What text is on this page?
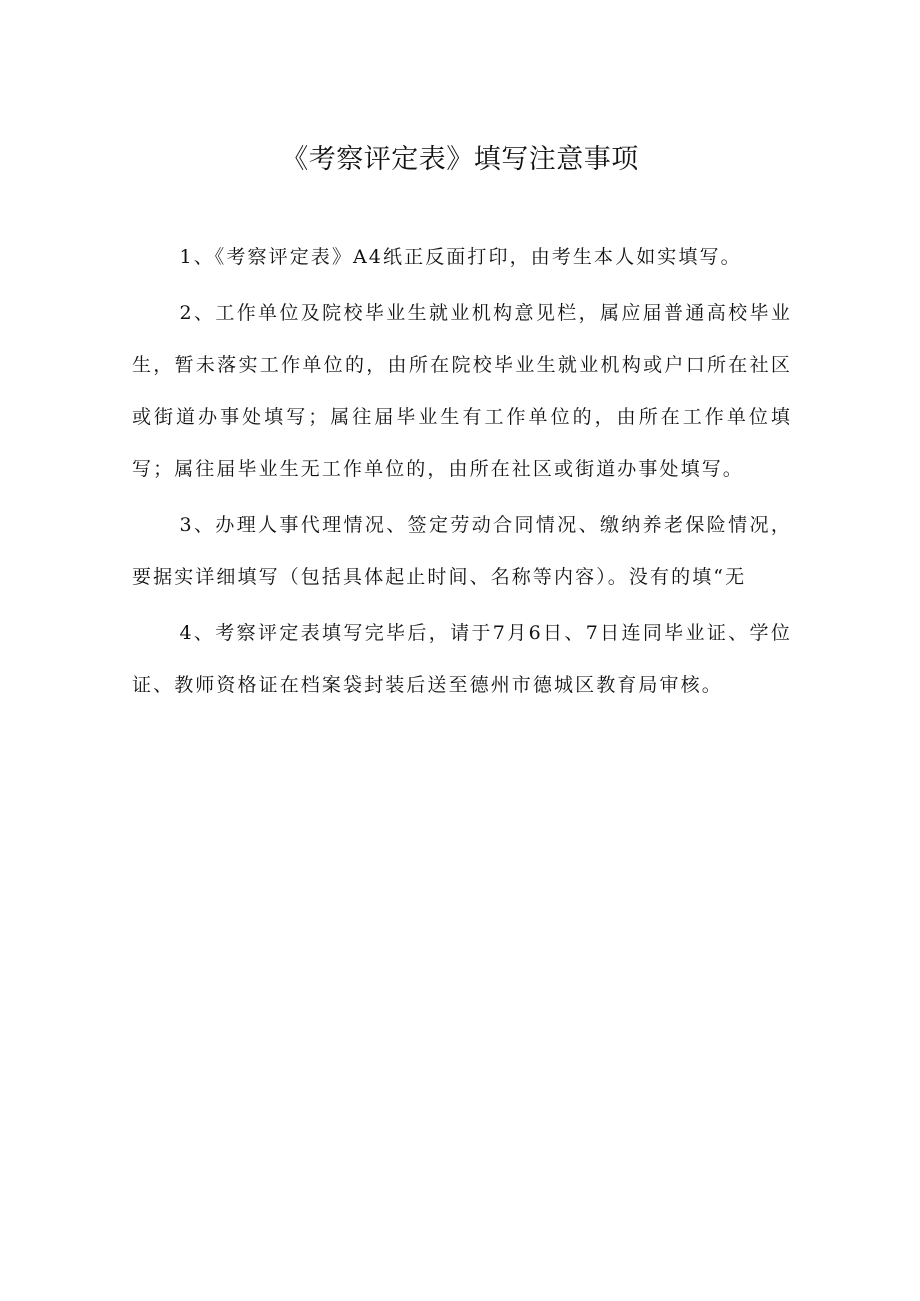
《考察评定表》填写注意事项

1、《考察评定表》A4纸正反面打印，由考生本人如实填写。

2、工作单位及院校毕业生就业机构意见栏，属应届普通高校毕业生，暂未落实工作单位的，由所在院校毕业生就业机构或户口所在社区或街道办事处填写；属往届毕业生有工作单位的，由所在工作单位填写；属往届毕业生无工作单位的，由所在社区或街道办事处填写。

3、办理人事代理情况、签定劳动合同情况、缴纳养老保险情况，要据实详细填写（包括具体起止时间、名称等内容）。没有的填“无

4、考察评定表填写完毕后，请于7月6日、7日连同毕业证、学位证、教师资格证在档案袋封装后送至德州市德城区教育局审核。
